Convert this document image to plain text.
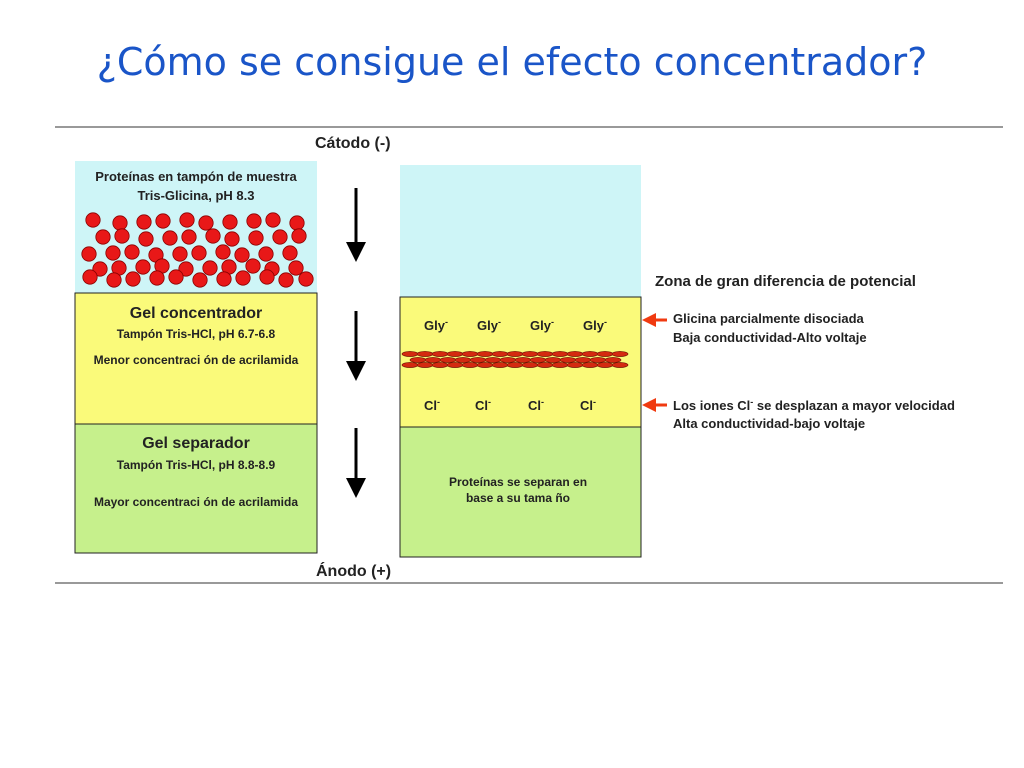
¿Cómo se consigue el efecto concentrador?
Cátodo (-)
Ánodo (+)
Proteínas en tampón de muestra
Tris-Glicina, pH 8.3
Gel concentrador
Tampón Tris-HCl, pH 6.7-6.8
Menor concentraci ón de acrilamida
Gel separador
Tampón Tris-HCl, pH 8.8-8.9
Mayor concentraci ón de acrilamida
Gly- Gly- Gly- Gly-
Cl-	Cl-	Cl-	Cl-
Proteínas se separan en
base a su tama ño
Zona de gran diferencia de potencial
Glicina parcialmente disociada
Baja conductividad-Alto voltaje
Los iones Cl- se desplazan a mayor velocidad
Alta conductividad-bajo voltaje
